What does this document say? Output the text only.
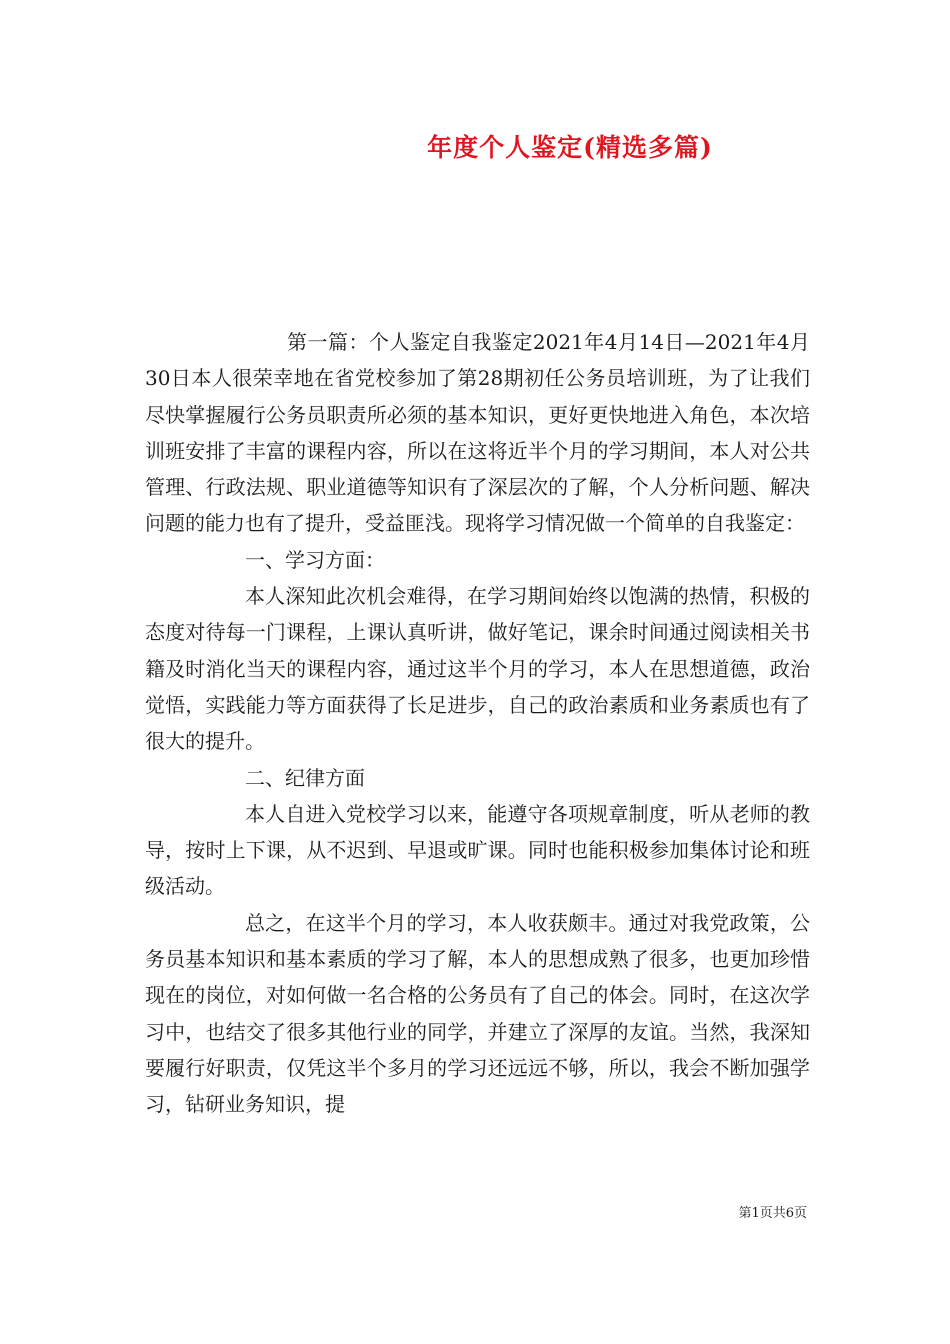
年度个人鉴定(精选多篇)

第一篇：个人鉴定自我鉴定2021年4月14日—2021年4月30日本人很荣幸地在省党校参加了第28期初任公务员培训班，为了让我们尽快掌握履行公务员职责所必须的基本知识，更好更快地进入角色，本次培训班安排了丰富的课程内容，所以在这将近半个月的学习期间，本人对公共管理、行政法规、职业道德等知识有了深层次的了解，个人分析问题、解决问题的能力也有了提升，受益匪浅。现将学习情况做一个简单的自我鉴定：

一、学习方面：

本人深知此次机会难得，在学习期间始终以饱满的热情，积极的态度对待每一门课程，上课认真听讲，做好笔记，课余时间通过阅读相关书籍及时消化当天的课程内容，通过这半个月的学习，本人在思想道德，政治觉悟，实践能力等方面获得了长足进步，自己的政治素质和业务素质也有了很大的提升。

二、纪律方面

本人自进入党校学习以来，能遵守各项规章制度，听从老师的教导，按时上下课，从不迟到、早退或旷课。同时也能积极参加集体讨论和班级活动。

总之，在这半个月的学习，本人收获颇丰。通过对我党政策，公务员基本知识和基本素质的学习了解，本人的思想成熟了很多，也更加珍惜现在的岗位，对如何做一名合格的公务员有了自己的体会。同时，在这次学习中，也结交了很多其他行业的同学，并建立了深厚的友谊。当然，我深知要履行好职责，仅凭这半个多月的学习还远远不够，所以，我会不断加强学习，钻研业务知识，提

第1页共6页
